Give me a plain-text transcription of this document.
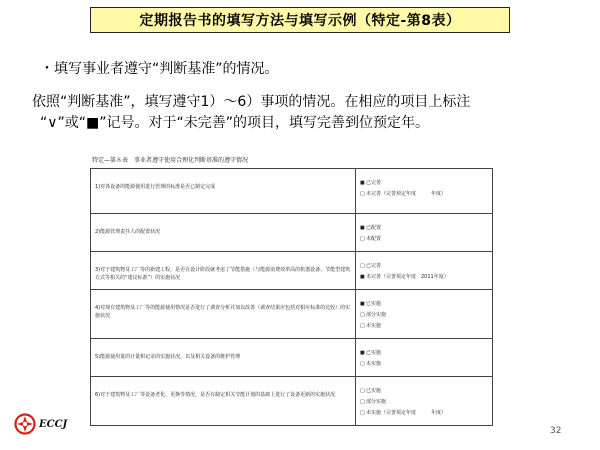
定期报告书的填写方法与填写示例（特定-第8表）
・填写事业者遵守“判断基准”的情况。
依照“判断基准”，填写遵守1）～6）事项的情况。在相应的项目上标注
“∨”或“■”记号。对于“未完善”的项目，填写完善到位预定年。
特定—第８表　事业者遵守使用合理化判断基准的遵守情况
1)对各设备的能源使用进行管理的标准是否已制定完成	■已完善
□未完善（完善预定年度　　　年度）

2)能源管理责任人的配置状况	■已配置
□未配置

3)对于建筑物及工厂等的新建工程，是否在设计阶段就考虑了节能措施（与能源消费效率高的机器设备、节能型建筑方式等相关的“建议标准”）的实施状况	□已完善
■未完善（完善预定年度　2011年度）

4)对现有建筑物及工厂等的能源使用情况是否进行了调查分析并加以改善（调查结果应包括对相应标准的比较）的实施状况	■已实施
□部分实施
□未实施

5)能源使用量的计量和记录的实施状况，以及相关设备的维护管理	■已实施
□未实施

6)对于建筑物及工厂等设备老化、更换等情况，是否在制定相关节能计划的基础上进行了设备更新的实施状况	□已实施
□部分实施
□未实施（完善预定年度　　　年度）
ECCJ
32
